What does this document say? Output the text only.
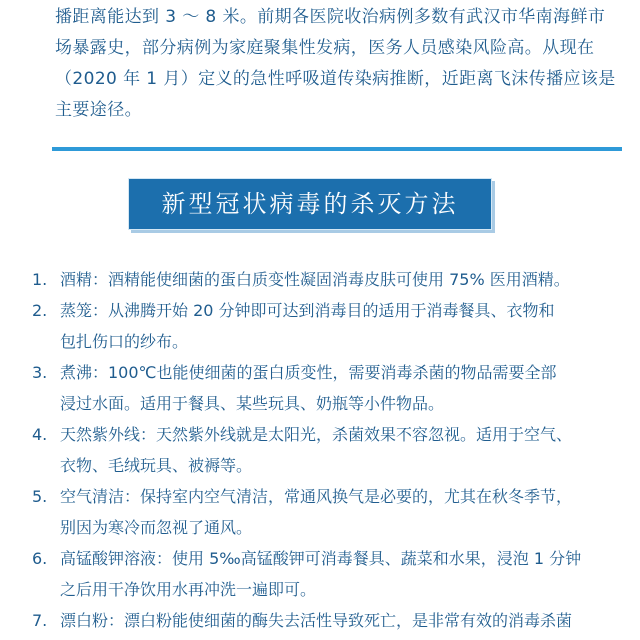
播距离能达到 3 ～ 8 米。前期各医院收治病例多数有武汉市华南海鲜市
场暴露史，部分病例为家庭聚集性发病，医务人员感染风险高。从现在
（2020 年 1 月）定义的急性呼吸道传染病推断，近距离飞沫传播应该是
主要途径。

新型冠状病毒的杀灭方法
1. 酒精：酒精能使细菌的蛋白质变性凝固消毒皮肤可使用 75% 医用酒精。
2. 蒸笼：从沸腾开始 20 分钟即可达到消毒目的适用于消毒餐具、衣物和
包扎伤口的纱布。
3. 煮沸：100℃也能使细菌的蛋白质变性，需要消毒杀菌的物品需要全部
浸过水面。适用于餐具、某些玩具、奶瓶等小件物品。
4. 天然紫外线：天然紫外线就是太阳光，杀菌效果不容忽视。适用于空气、
衣物、毛绒玩具、被褥等。
5. 空气清洁：保持室内空气清洁，常通风换气是必要的，尤其在秋冬季节，
别因为寒冷而忽视了通风。
6. 高锰酸钾溶液：使用 5‰高锰酸钾可消毒餐具、蔬菜和水果，浸泡 1 分钟
之后用干净饮用水再冲洗一遍即可。
7. 漂白粉：漂白粉能使细菌的酶失去活性导致死亡，是非常有效的消毒杀菌
